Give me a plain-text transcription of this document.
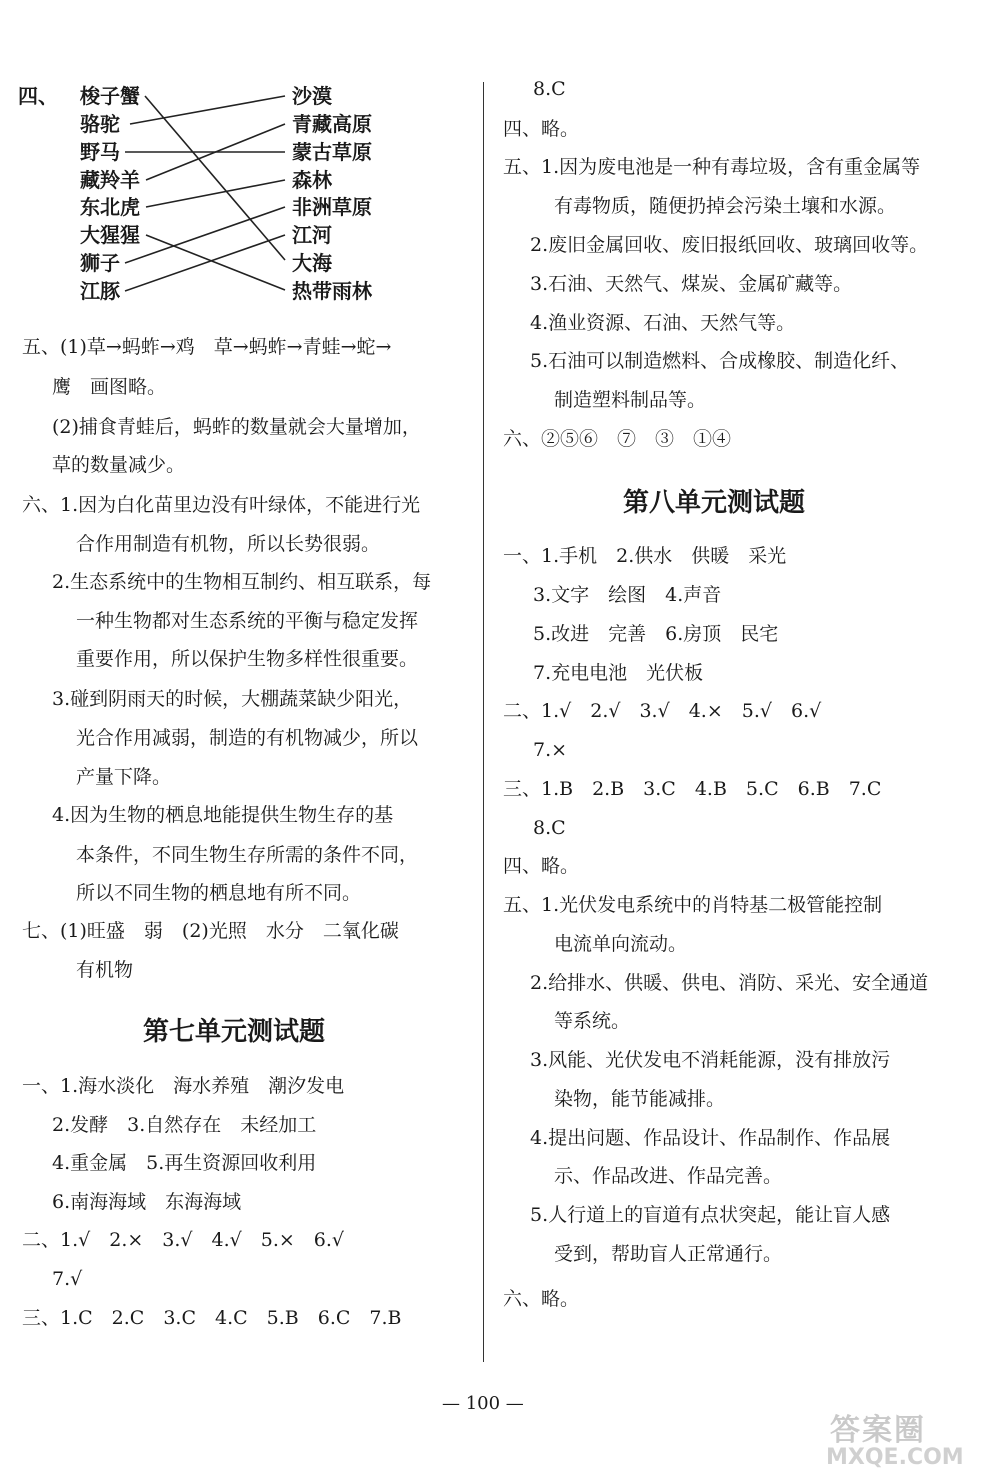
四、 梭子蟹
骆驼
野马
藏羚羊
东北虎
大猩猩
狮子
江豚
沙漠
青藏高原
蒙古草原
森林
非洲草原
江河
大海
热带雨林
五、(1)草→蚂蚱→鸡　草→蚂蚱→青蛙→蛇→
鹰　画图略。
(2)捕食青蛙后，蚂蚱的数量就会大量增加，
草的数量减少。
六、1.因为白化苗里边没有叶绿体，不能进行光
合作用制造有机物，所以长势很弱。
2.生态系统中的生物相互制约、相互联系，每
一种生物都对生态系统的平衡与稳定发挥
重要作用，所以保护生物多样性很重要。
3.碰到阴雨天的时候，大棚蔬菜缺少阳光，
光合作用减弱，制造的有机物减少，所以
产量下降。
4.因为生物的栖息地能提供生物生存的基
本条件，不同生物生存所需的条件不同，
所以不同生物的栖息地有所不同。
七、(1)旺盛　弱　(2)光照　水分　二氧化碳
有机物
第七单元测试题
一、1.海水淡化　海水养殖　潮汐发电
2.发酵　3.自然存在　未经加工
4.重金属　5.再生资源回收利用
6.南海海域　东海海域
二、1.√　2.×　3.√　4.√　5.×　6.√
7.√
三、1.C　2.C　3.C　4.C　5.B　6.C　7.B
8.C
四、略。
五、1.因为废电池是一种有毒垃圾，含有重金属等
有毒物质，随便扔掉会污染土壤和水源。
2.废旧金属回收、废旧报纸回收、玻璃回收等。
3.石油、天然气、煤炭、金属矿藏等。
4.渔业资源、石油、天然气等。
5.石油可以制造燃料、合成橡胶、制造化纤、
制造塑料制品等。
六、②⑤⑥　⑦　③　①④
第八单元测试题
一、1.手机　2.供水　供暖　采光
3.文字　绘图　4.声音
5.改进　完善　6.房顶　民宅
7.充电电池　光伏板
二、1.√　2.√　3.√　4.×　5.√　6.√
7.×
三、1.B　2.B　3.C　4.B　5.C　6.B　7.C
8.C
四、略。
五、1.光伏发电系统中的肖特基二极管能控制
电流单向流动。
2.给排水、供暖、供电、消防、采光、安全通道
等系统。
3.风能、光伏发电不消耗能源，没有排放污
染物，能节能减排。
4.提出问题、作品设计、作品制作、作品展
示、作品改进、作品完善。
5.人行道上的盲道有点状突起，能让盲人感
受到，帮助盲人正常通行。
六、略。
— 100 —
答案圈
MXQE.COM
